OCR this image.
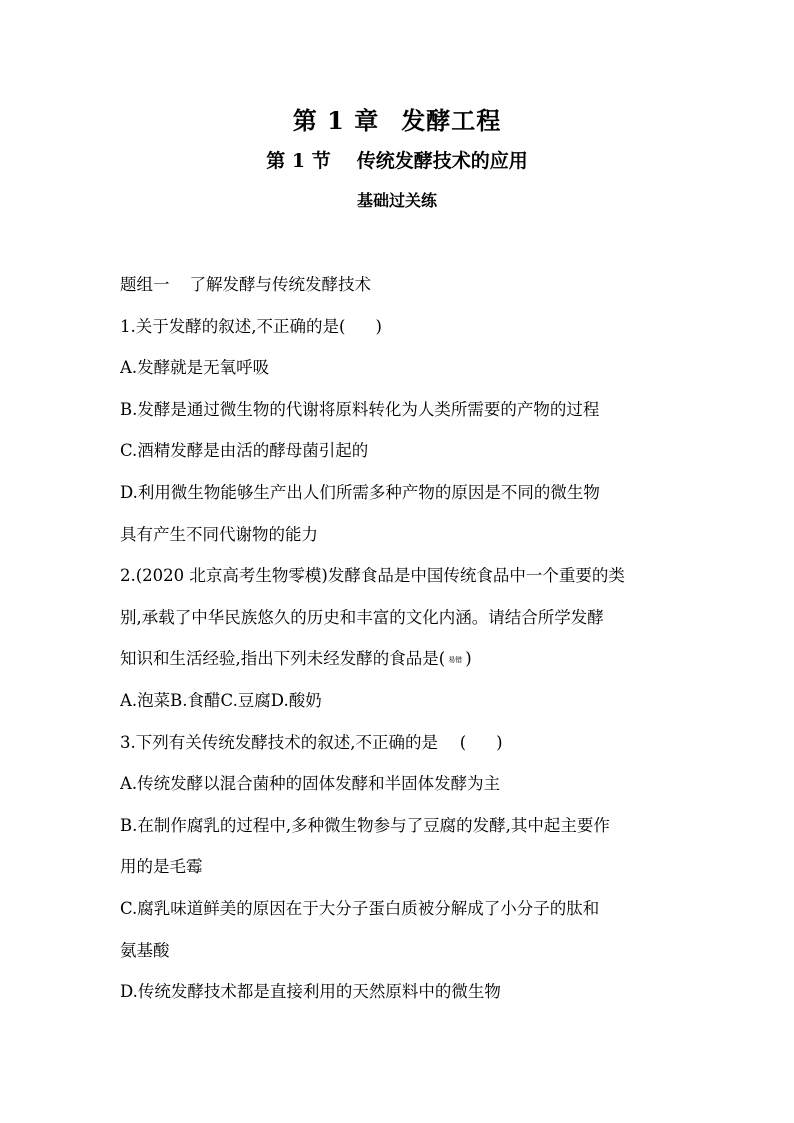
第 1 章 发酵工程
第 1 节 传统发酵技术的应用
基础过关练
题组一 了解发酵与传统发酵技术
1.关于发酵的叙述,不正确的是( )
A.发酵就是无氧呼吸
B.发酵是通过微生物的代谢将原料转化为人类所需要的产物的过程
C.酒精发酵是由活的酵母菌引起的
D.利用微生物能够生产出人们所需多种产物的原因是不同的微生物
具有产生不同代谢物的能力
2.(2020 北京高考生物零模)发酵食品是中国传统食品中一个重要的类
别,承载了中华民族悠久的历史和丰富的文化内涵。请结合所学发酵
知识和生活经验,指出下列未经发酵的食品是( 易错 )
A.泡菜B.食醋C.豆腐D.酸奶
3.下列有关传统发酵技术的叙述,不正确的是 　( )
A.传统发酵以混合菌种的固体发酵和半固体发酵为主
B.在制作腐乳的过程中,多种微生物参与了豆腐的发酵,其中起主要作
用的是毛霉
C.腐乳味道鲜美的原因在于大分子蛋白质被分解成了小分子的肽和
氨基酸
D.传统发酵技术都是直接利用的天然原料中的微生物
